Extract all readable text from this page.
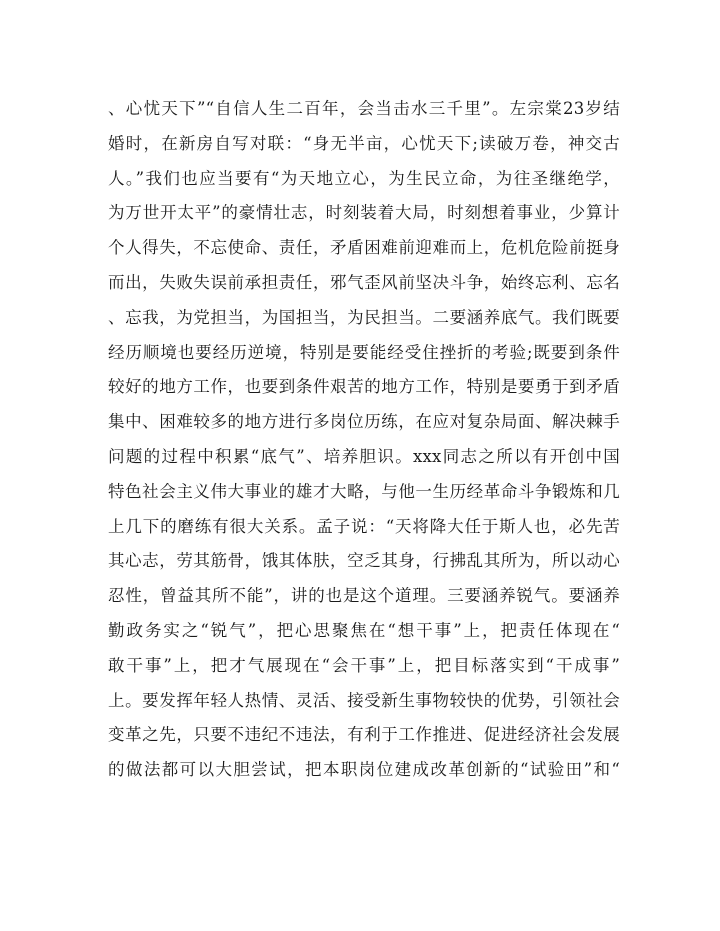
、心忧天下”“自信人生二百年，会当击水三千里”。左宗棠23岁结
婚时，在新房自写对联：“身无半亩，心忧天下;读破万卷，神交古
人。”我们也应当要有“为天地立心，为生民立命，为往圣继绝学，
为万世开太平”的豪情壮志，时刻装着大局，时刻想着事业，少算计
个人得失，不忘使命、责任，矛盾困难前迎难而上，危机危险前挺身
而出，失败失误前承担责任，邪气歪风前坚决斗争，始终忘利、忘名
、忘我，为党担当，为国担当，为民担当。二要涵养底气。我们既要
经历顺境也要经历逆境，特别是要能经受住挫折的考验;既要到条件
较好的地方工作，也要到条件艰苦的地方工作，特别是要勇于到矛盾
集中、困难较多的地方进行多岗位历练，在应对复杂局面、解决棘手
问题的过程中积累“底气”、培养胆识。xxx同志之所以有开创中国
特色社会主义伟大事业的雄才大略，与他一生历经革命斗争锻炼和几
上几下的磨练有很大关系。孟子说：“天将降大任于斯人也，必先苦
其心志，劳其筋骨，饿其体肤，空乏其身，行拂乱其所为，所以动心
忍性，曾益其所不能”，讲的也是这个道理。三要涵养锐气。要涵养
勤政务实之“锐气”，把心思聚焦在“想干事”上，把责任体现在“
敢干事”上，把才气展现在“会干事”上，把目标落实到“干成事”
上。要发挥年轻人热情、灵活、接受新生事物较快的优势，引领社会
变革之先，只要不违纪不违法，有利于工作推进、促进经济社会发展
的做法都可以大胆尝试，把本职岗位建成改革创新的“试验田”和“
